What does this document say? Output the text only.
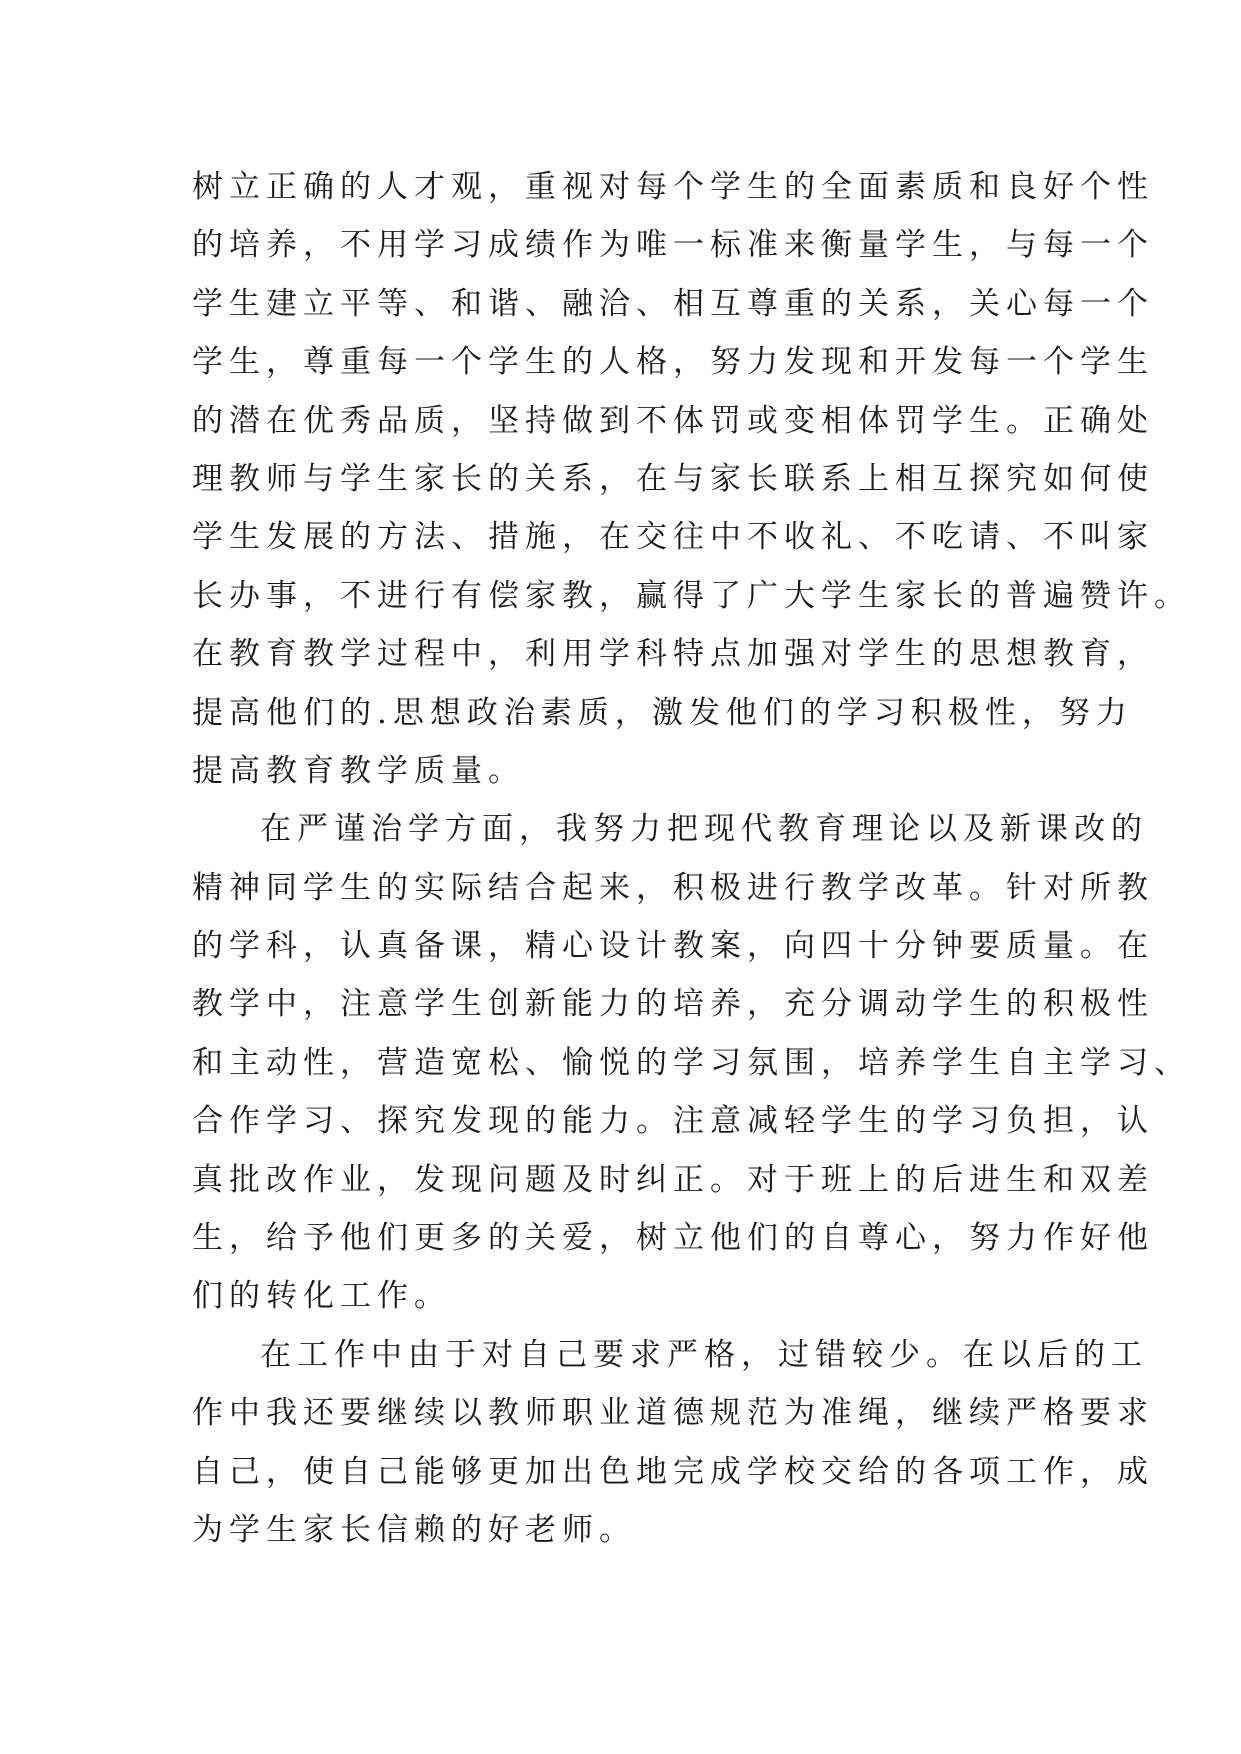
树立正确的人才观，重视对每个学生的全面素质和良好个性
的培养，不用学习成绩作为唯一标准来衡量学生，与每一个
学生建立平等、和谐、融洽、相互尊重的关系，关心每一个
学生，尊重每一个学生的人格，努力发现和开发每一个学生
的潜在优秀品质，坚持做到不体罚或变相体罚学生。正确处
理教师与学生家长的关系，在与家长联系上相互探究如何使
学生发展的方法、措施，在交往中不收礼、不吃请、不叫家
长办事，不进行有偿家教，赢得了广大学生家长的普遍赞许。
在教育教学过程中，利用学科特点加强对学生的思想教育，
提高他们的.思想政治素质，激发他们的学习积极性，努力
提高教育教学质量。
在严谨治学方面，我努力把现代教育理论以及新课改的
精神同学生的实际结合起来，积极进行教学改革。针对所教
的学科，认真备课，精心设计教案，向四十分钟要质量。在
教学中，注意学生创新能力的培养，充分调动学生的积极性
和主动性，营造宽松、愉悦的学习氛围，培养学生自主学习、
合作学习、探究发现的能力。注意减轻学生的学习负担，认
真批改作业，发现问题及时纠正。对于班上的后进生和双差
生，给予他们更多的关爱，树立他们的自尊心，努力作好他
们的转化工作。
在工作中由于对自己要求严格，过错较少。在以后的工
作中我还要继续以教师职业道德规范为准绳，继续严格要求
自己，使自己能够更加出色地完成学校交给的各项工作，成
为学生家长信赖的好老师。
